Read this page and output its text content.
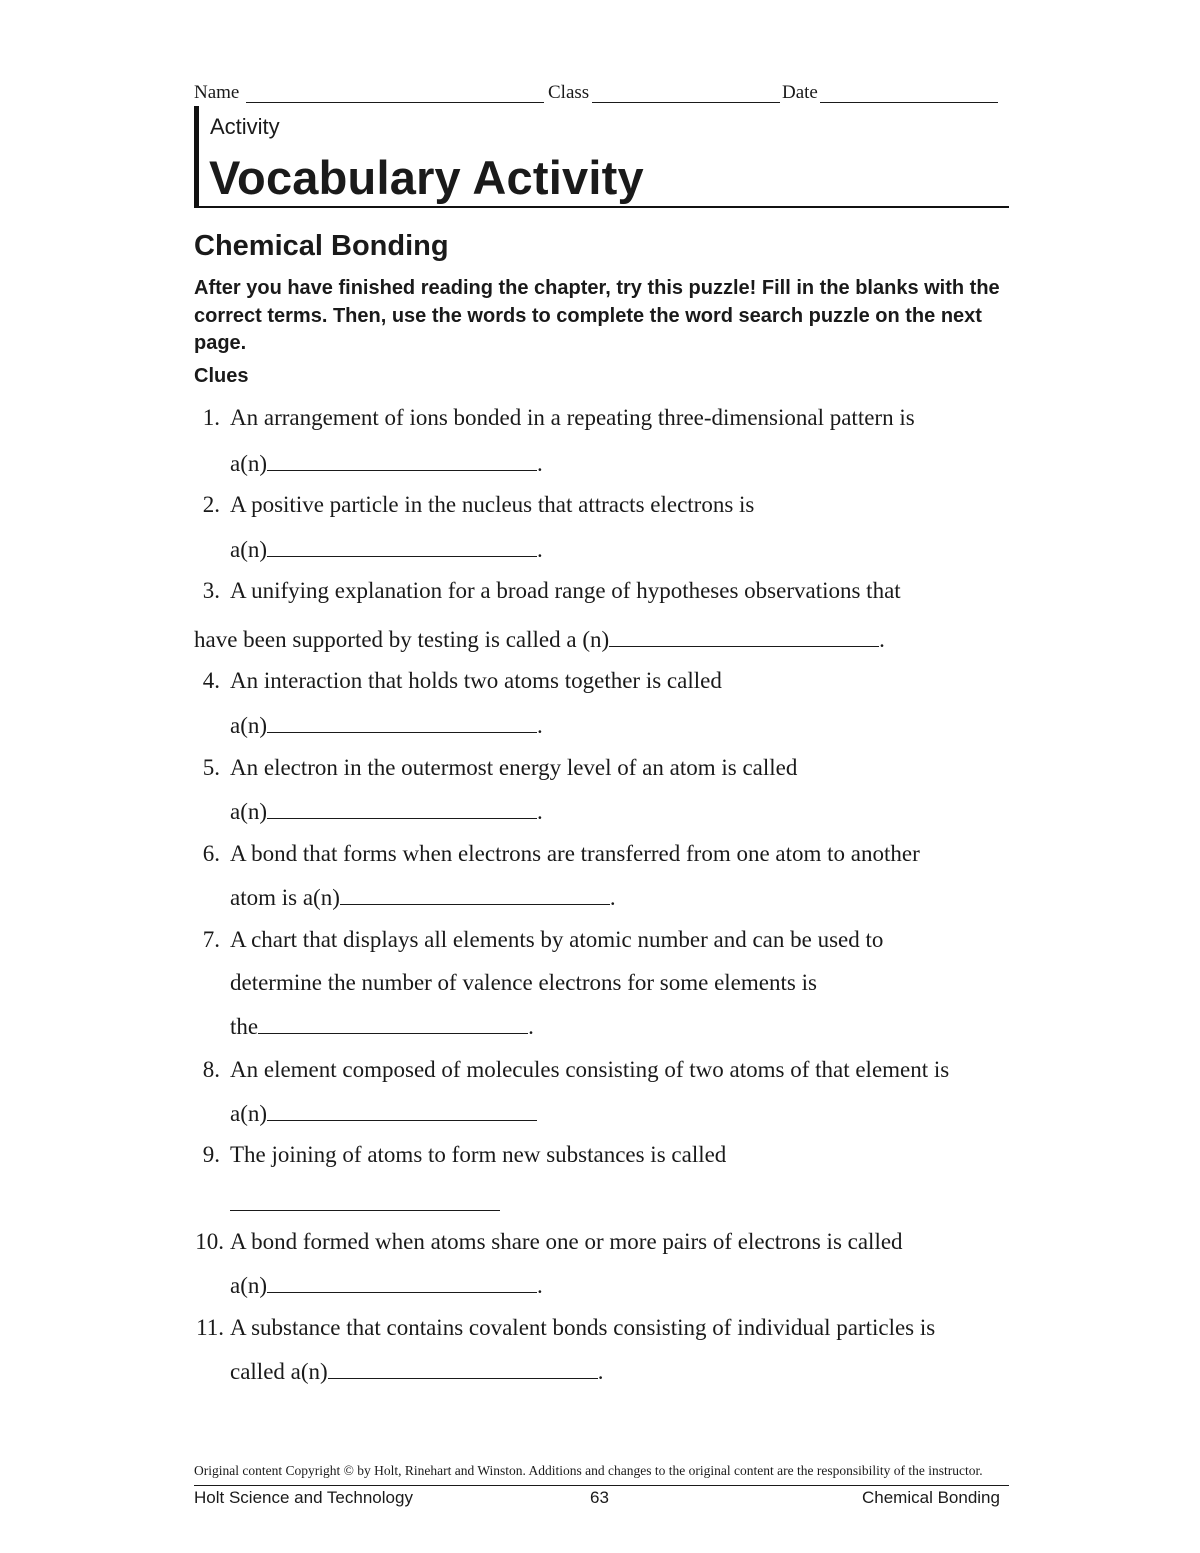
Name	Class	Date
Activity
Vocabulary Activity
Chemical Bonding
After you have finished reading the chapter, try this puzzle! Fill in the blanks with the correct terms. Then, use the words to complete the word search puzzle on the next page.
Clues
1. An arrangement of ions bonded in a repeating three-dimensional pattern is
a(n)	.
2. A positive particle in the nucleus that attracts electrons is
a(n)	.
3. A unifying explanation for a broad range of hypotheses observations that
have been supported by testing is called a (n)	.
4. An interaction that holds two atoms together is called
a(n)	.
5. An electron in the outermost energy level of an atom is called
a(n)	.
6. A bond that forms when electrons are transferred from one atom to another
atom is a(n)	.
7. A chart that displays all elements by atomic number and can be used to
determine the number of valence electrons for some elements is
the	.
8. An element composed of molecules consisting of two atoms of that element is
a(n)
9. The joining of atoms to form new substances is called
10. A bond formed when atoms share one or more pairs of electrons is called
a(n)	.
11. A substance that contains covalent bonds consisting of individual particles is
called a(n)	.
Original content Copyright © by Holt, Rinehart and Winston. Additions and changes to the original content are the responsibility of the instructor.
Holt Science and Technology	63	Chemical Bonding
